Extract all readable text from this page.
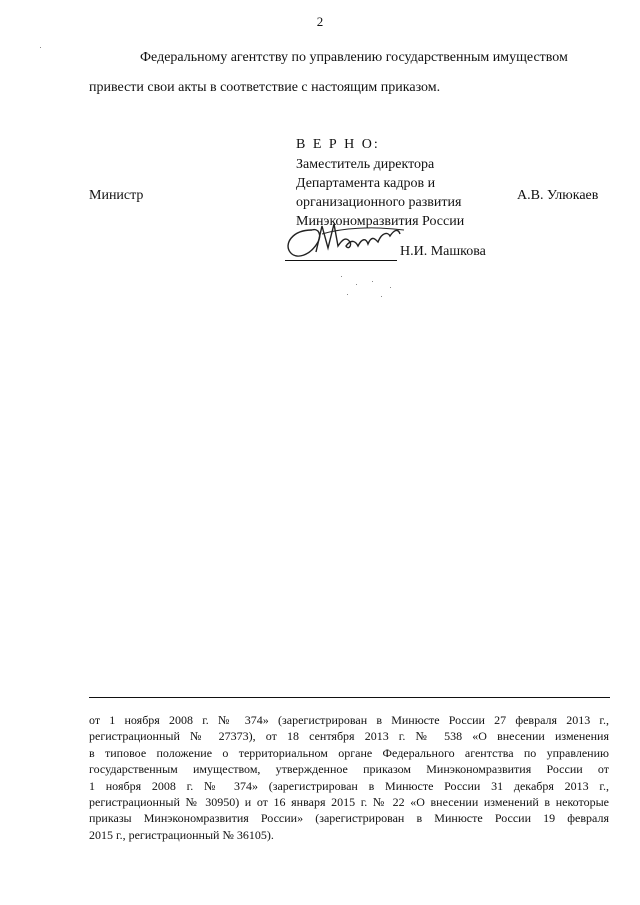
2
Федеральному агентству по управлению государственным имуществом
привести свои акты в соответствие с настоящим приказом.
В Е Р Н О:
Заместитель директора
Департамента кадров и
организационного развития
Минэкономразвития России
Министр	А.В. Улюкаев
Н.И. Машкова
от 1 ноября 2008 г. № 374» (зарегистрирован в Минюсте России 27 февраля 2013 г.,
регистрационный № 27373), от 18 сентября 2013 г. № 538 «О внесении изменения
в типовое положение о территориальном органе Федерального агентства по управлению
государственным имуществом, утвержденное приказом Минэкономразвития России от
1 ноября 2008 г. № 374» (зарегистрирован в Минюсте России 31 декабря 2013 г.,
регистрационный № 30950) и от 16 января 2015 г. № 22 «О внесении изменений в некоторые
приказы Минэкономразвития России» (зарегистрирован в Минюсте России 19 февраля
2015 г., регистрационный № 36105).
